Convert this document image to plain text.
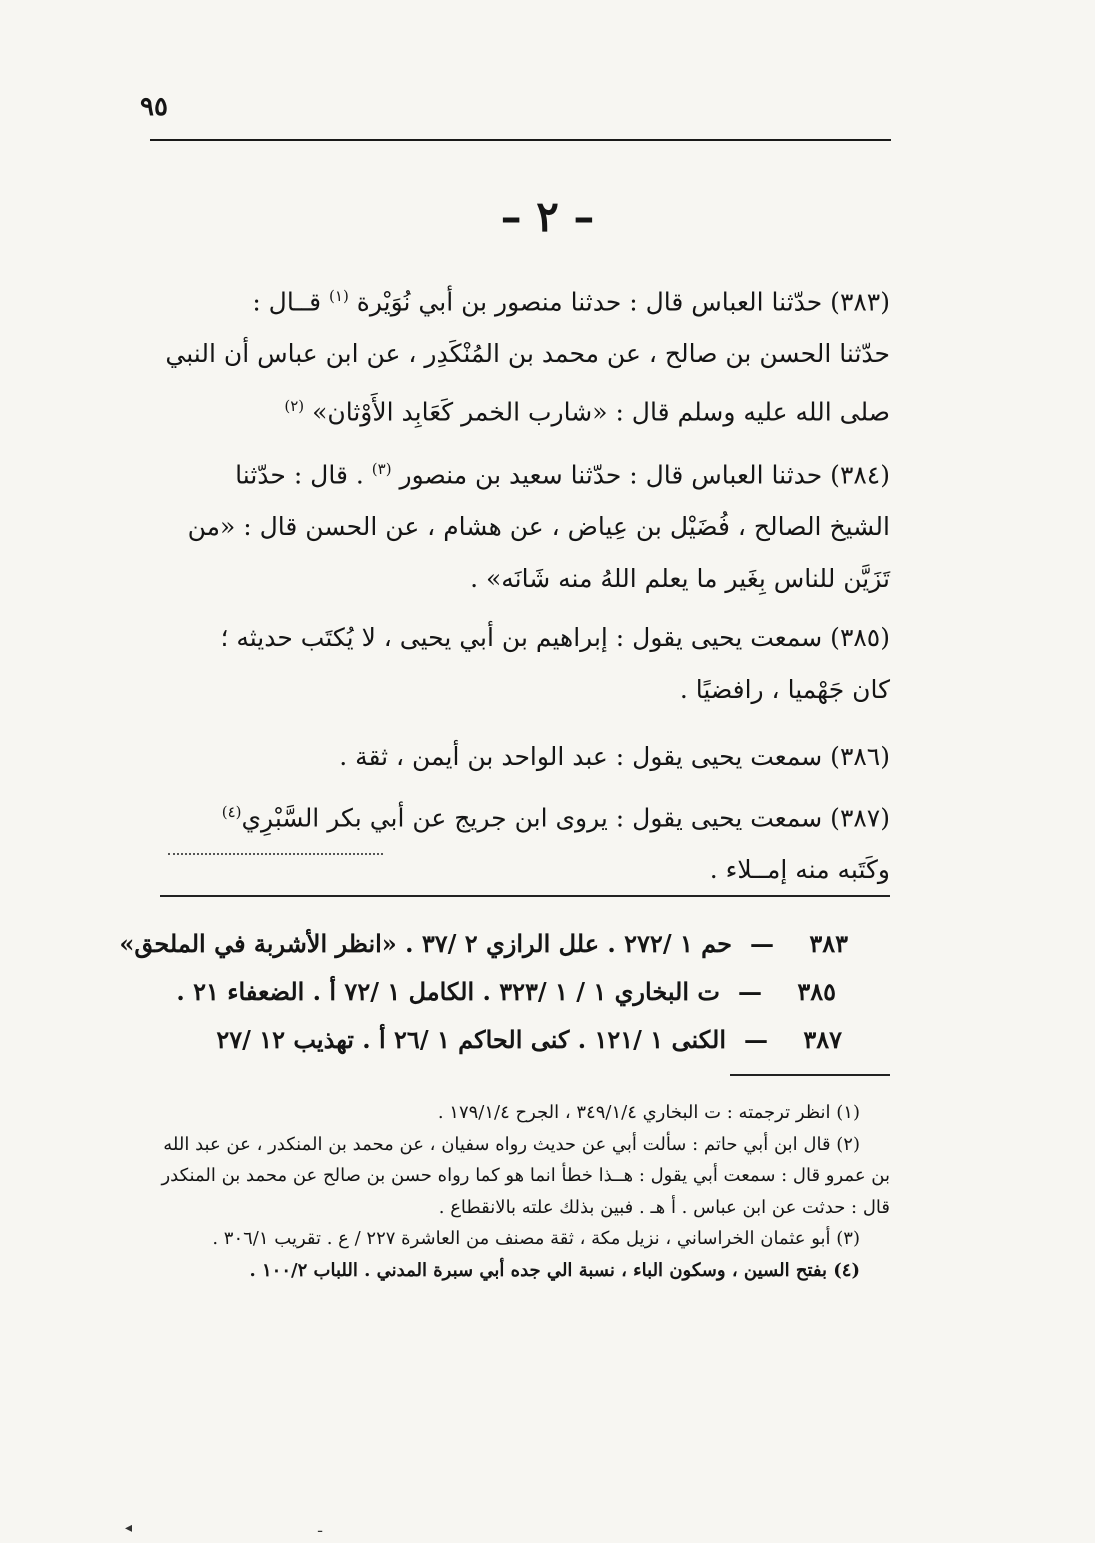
٩٥
– ٢ –
(٣٨٣) حدّثنا العباس قال : حدثنا منصور بن أبي نُوَيْرة $^{(١)}$ قــال :
حدّثنا الحسن بن صالح ، عن محمد بن المُنْكَدِر ، عن ابن عباس أن النبي
صلى الله عليه وسلم قال : «شارب الخمر كَعَابِد الأَوْثان» $^{(٢)}$
(٣٨٤) حدثنا العباس قال : حدّثنا سعيد بن منصور $^{(٣)}$ . قال : حدّثنا
الشيخ الصالح ، فُضَيْل بن عِياض ، عن هشام ، عن الحسن قال : «من
تَزَيَّن للناس بِغَير ما يعلم اللهُ منه شَانَه» .
(٣٨٥) سمعت يحيى يقول : إبراهيم بن أبي يحيى ، لا يُكتَب حديثه ؛
كان جَهْميا ، رافضيًا .
(٣٨٦) سمعت يحيى يقول : عبد الواحد بن أيمن ، ثقة .
(٣٨٧) سمعت يحيى يقول : يروى ابن جريج عن أبي بكر السَّبْرِي$^{(٤)}$
وكَتَبه منه إمــلاء .
٣٨٣—حم ١ /٢٧٢ . علل الرازي ٢ /٣٧ . «انظر الأشربة في الملحق»
٣٨٥—ت البخاري ١ / ١ /٣٢٣ . الكامل ١ /٧٢ أ . الضعفاء ٢١ .
٣٨٧—الكنى ١ /١٢١ . كنى الحاكم ١ /٢٦ أ . تهذيب ١٢ /٢٧

(١) انظر ترجمته : ت البخاري ٣٤٩/١/٤ ، الجرح ١٧٩/١/٤ .

(٢) قال ابن أبي حاتم : سألت أبي عن حديث رواه سفيان ، عن محمد بن المنكدر ، عن عبد الله بن عمرو قال : سمعت أبي يقول : هــذا خطأ انما هو كما رواه حسن بن صالح عن محمد بن المنكدر قال : حدثت عن ابن عباس . أ هـ . فبين بذلك علته بالانقطاع .

(٣) أبو عثمان الخراساني ، نزيل مكة ، ثقة مصنف من العاشرة ٢٢٧ / ع . تقريب ٣٠٦/١ .

(٤) بفتح السين ، وسكون الباء ، نسبة الي جده أبي سبرة المدني . اللباب ١٠٠/٢ .

◂	ـ
